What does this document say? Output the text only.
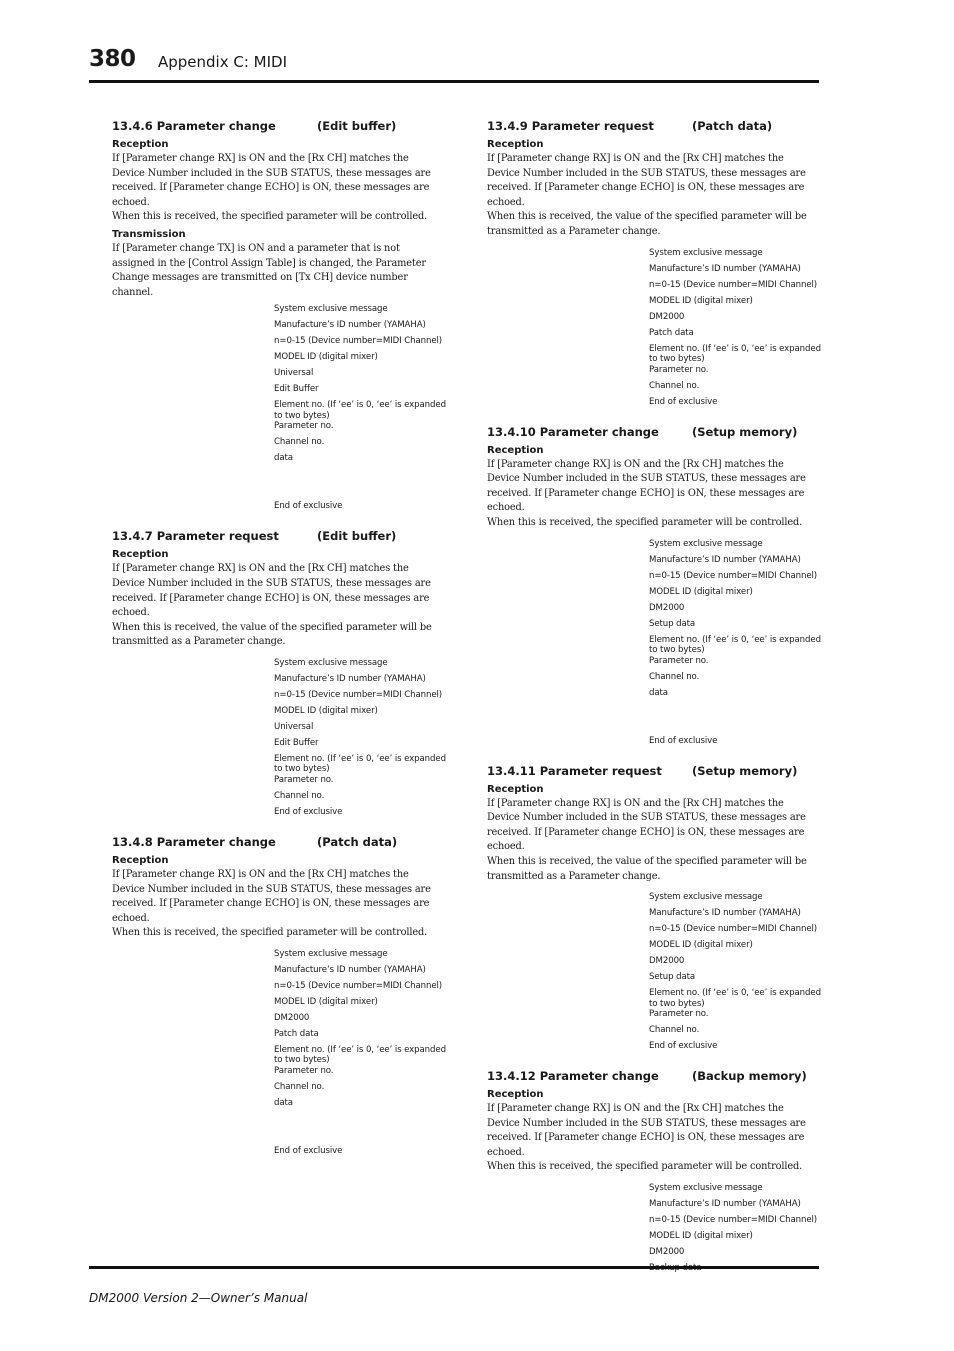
380 Appendix C: MIDI
13.4.6 Parameter change	(Edit buffer)
Reception
If [Parameter change RX] is ON and the [Rx CH] matches the Device Number included in the SUB STATUS, these messages are received. If [Parameter change ECHO] is ON, these messages are echoed.
When this is received, the specified parameter will be controlled.
Transmission
If [Parameter change TX] is ON and a parameter that is not assigned in the [Control Assign Table] is changed, the Parameter Change messages are transmitted on [Tx CH] device number channel.
System exclusive message
Manufacture’s ID number (YAMAHA)
n=0-15 (Device number=MIDI Channel)
MODEL ID (digital mixer)
Universal
Edit Buffer
Element no. (If ‘ee’ is 0, ‘ee’ is expanded to two bytes)
Parameter no.
Channel no.
data
End of exclusive
13.4.7 Parameter request	(Edit buffer)
Reception
If [Parameter change RX] is ON and the [Rx CH] matches the Device Number included in the SUB STATUS, these messages are received. If [Parameter change ECHO] is ON, these messages are echoed.
When this is received, the value of the specified parameter will be transmitted as a Parameter change.
System exclusive message
Manufacture’s ID number (YAMAHA)
n=0-15 (Device number=MIDI Channel)
MODEL ID (digital mixer)
Universal
Edit Buffer
Element no. (If ‘ee’ is 0, ‘ee’ is expanded to two bytes)
Parameter no.
Channel no.
End of exclusive
13.4.8 Parameter change	(Patch data)
Reception
If [Parameter change RX] is ON and the [Rx CH] matches the Device Number included in the SUB STATUS, these messages are received. If [Parameter change ECHO] is ON, these messages are echoed.
When this is received, the specified parameter will be controlled.
System exclusive message
Manufacture’s ID number (YAMAHA)
n=0-15 (Device number=MIDI Channel)
MODEL ID (digital mixer)
DM2000
Patch data
Element no. (If ‘ee’ is 0, ‘ee’ is expanded to two bytes)
Parameter no.
Channel no.
data
End of exclusive
13.4.9 Parameter request	(Patch data)
Reception
If [Parameter change RX] is ON and the [Rx CH] matches the Device Number included in the SUB STATUS, these messages are received. If [Parameter change ECHO] is ON, these messages are echoed.
When this is received, the value of the specified parameter will be transmitted as a Parameter change.
System exclusive message
Manufacture’s ID number (YAMAHA)
n=0-15 (Device number=MIDI Channel)
MODEL ID (digital mixer)
DM2000
Patch data
Element no. (If ‘ee’ is 0, ‘ee’ is expanded to two bytes)
Parameter no.
Channel no.
End of exclusive
13.4.10 Parameter change	(Setup memory)
Reception
If [Parameter change RX] is ON and the [Rx CH] matches the Device Number included in the SUB STATUS, these messages are received. If [Parameter change ECHO] is ON, these messages are echoed.
When this is received, the specified parameter will be controlled.
System exclusive message
Manufacture’s ID number (YAMAHA)
n=0-15 (Device number=MIDI Channel)
MODEL ID (digital mixer)
DM2000
Setup data
Element no. (If ‘ee’ is 0, ‘ee’ is expanded to two bytes)
Parameter no.
Channel no.
data
End of exclusive
13.4.11 Parameter request	(Setup memory)
Reception
If [Parameter change RX] is ON and the [Rx CH] matches the Device Number included in the SUB STATUS, these messages are received. If [Parameter change ECHO] is ON, these messages are echoed.
When this is received, the value of the specified parameter will be transmitted as a Parameter change.
System exclusive message
Manufacture’s ID number (YAMAHA)
n=0-15 (Device number=MIDI Channel)
MODEL ID (digital mixer)
DM2000
Setup data
Element no. (If ‘ee’ is 0, ‘ee’ is expanded to two bytes)
Parameter no.
Channel no.
End of exclusive
13.4.12 Parameter change	(Backup memory)
Reception
If [Parameter change RX] is ON and the [Rx CH] matches the Device Number included in the SUB STATUS, these messages are received. If [Parameter change ECHO] is ON, these messages are echoed.
When this is received, the specified parameter will be controlled.
System exclusive message
Manufacture’s ID number (YAMAHA)
n=0-15 (Device number=MIDI Channel)
MODEL ID (digital mixer)
DM2000
DM2000 Version 2—Owner’s Manual
